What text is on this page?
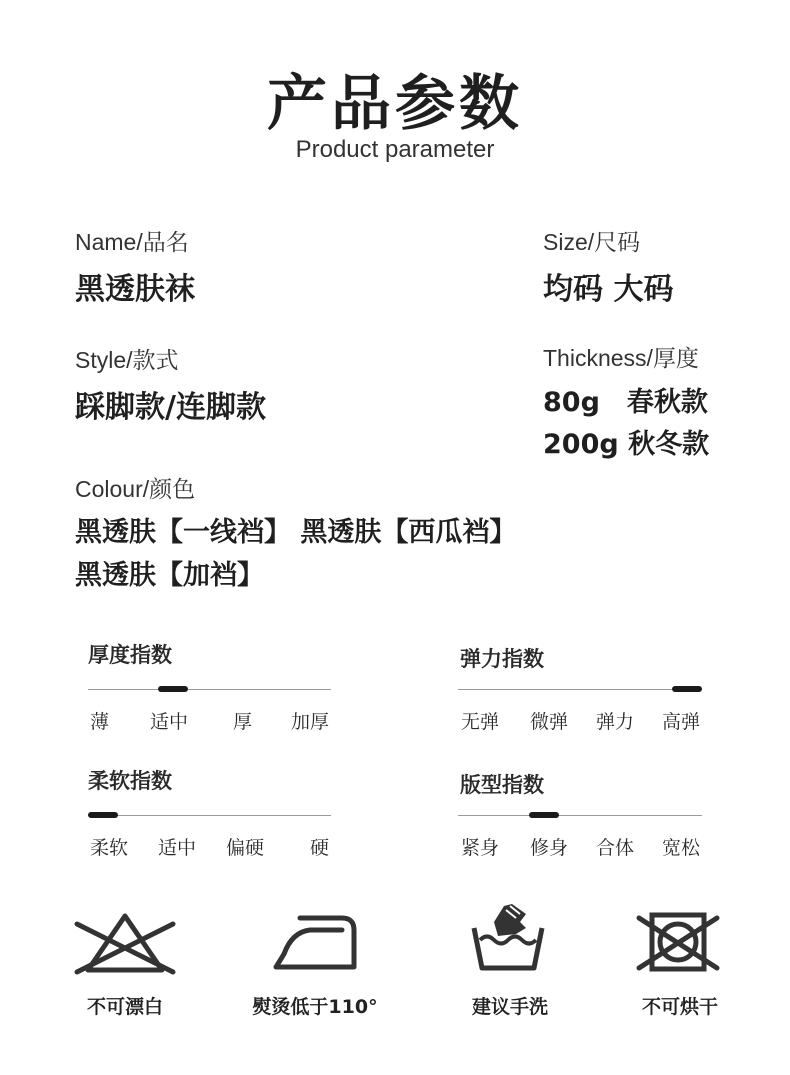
产品参数
Product parameter
Name/品名
黑透肤袜
Size/尺码
均码 大码
Style/款式
踩脚款/连脚款
Thickness/厚度
80g　春秋款
200g 秋冬款
Colour/颜色
黑透肤【一线裆】 黑透肤【西瓜裆】
黑透肤【加裆】
厚度指数
薄 适中 厚 加厚
弹力指数
无弹 微弹 弹力 高弹
柔软指数
柔软 适中 偏硬 硬
版型指数
紧身 修身 合体 宽松
不可漂白	熨烫低于110°	建议手洗	不可烘干
